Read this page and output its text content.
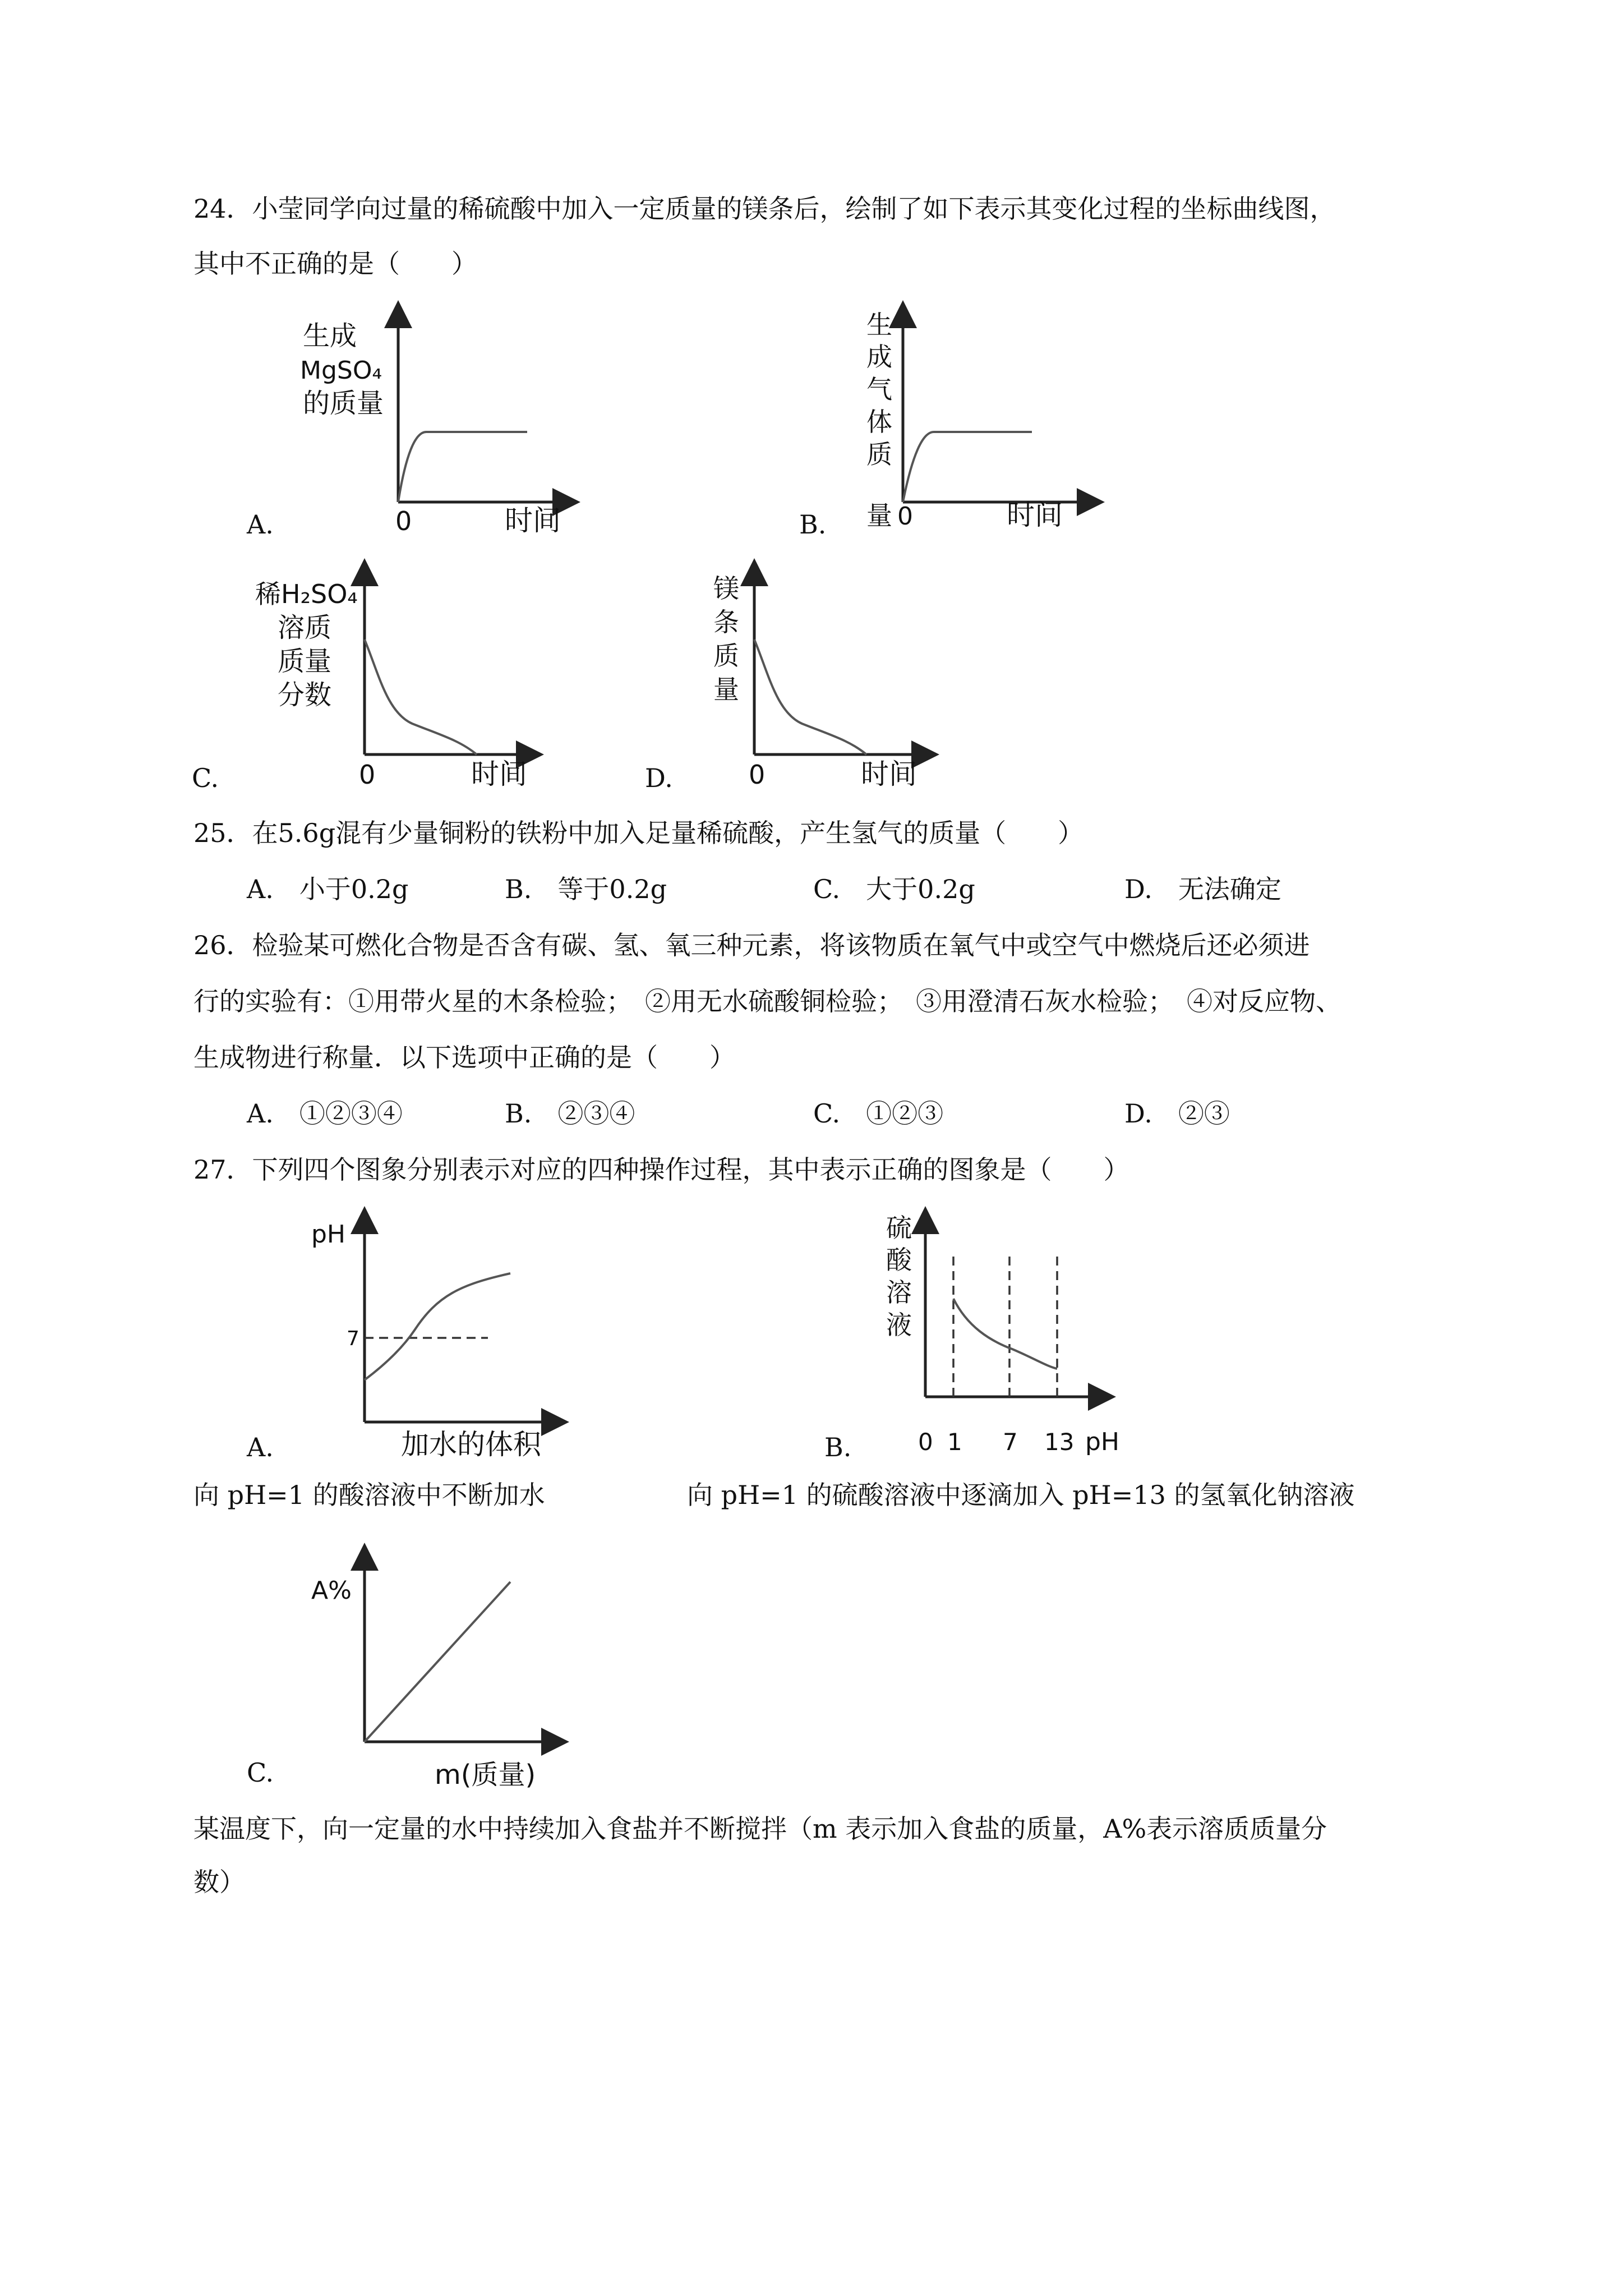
24．小莹同学向过量的稀硫酸中加入一定质量的镁条后，绘制了如下表示其变化过程的坐标曲线图，
其中不正确的是（　　）
A.
生成
MgSO₄
的质量
0	时间	B.
生
成
气
体
质
量 0	时间
C.
稀H₂SO₄
溶质
质量
分数
0	时间	D.
镁
条
质
量
0	时间
25．在5.6g混有少量铜粉的铁粉中加入足量稀硫酸，产生氢气的质量（　　）
A.　小于0.2g	B.　等于0.2g	C.　大于0.2g	D.　无法确定
26．检验某可燃化合物是否含有碳、氢、氧三种元素，将该物质在氧气中或空气中燃烧后还必须进
行的实验有：①用带火星的木条检验；　②用无水硫酸铜检验；　③用澄清石灰水检验；　④对反应物、
生成物进行称量．以下选项中正确的是（　　）
A.　①②③④	B.　②③④	C.　①②③	D.　②③
27．下列四个图象分别表示对应的四种操作过程，其中表示正确的图象是（　　）
A.
pH
7
加水的体积
向 pH=1 的酸溶液中不断加水
B.
硫
酸
溶
液
0 1 7 13 pH
向 pH=1 的硫酸溶液中逐滴加入 pH=13 的氢氧化钠溶液
C.
A%
m(质量)
某温度下，向一定量的水中持续加入食盐并不断搅拌（m 表示加入食盐的质量，A%表示溶质质量分
数）
